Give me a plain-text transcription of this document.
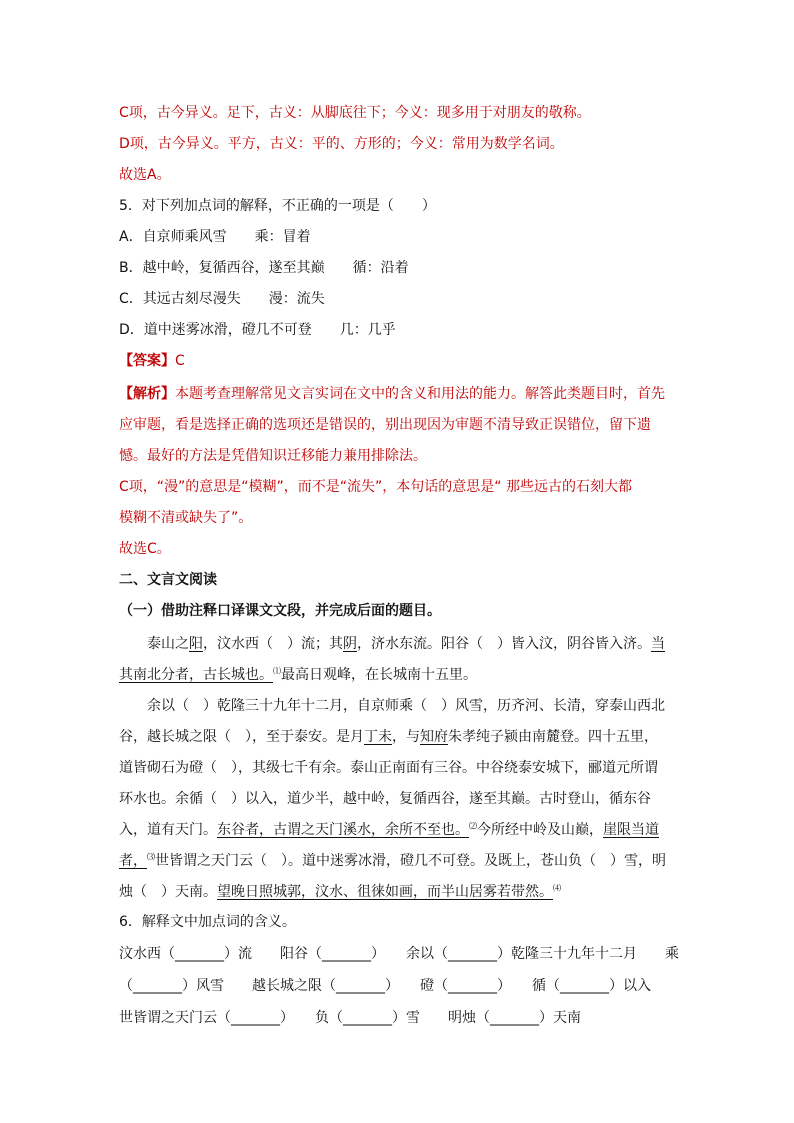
C项，古今异义。足下，古义：从脚底往下；今义：现多用于对朋友的敬称。
D项，古今异义。平方，古义：平的、方形的；今义：常用为数学名词。
故选A。
5．对下列加点词的解释，不正确的一项是（　　）
A．自京师乘风雪　　乘：冒着
B．越中岭，复循西谷，遂至其巅　　循：沿着
C．其远古刻尽漫失　　漫：流失
D．道中迷雾冰滑，磴几不可登　　几：几乎
【答案】C
【解析】本题考查理解常见文言实词在文中的含义和用法的能力。解答此类题目时，首先
应审题，看是选择正确的选项还是错误的，别出现因为审题不清导致正误错位，留下遗
憾。最好的方法是凭借知识迁移能力兼用排除法。
C项，“漫”的意思是“模糊”，而不是“流失”，本句话的意思是“ 那些远古的石刻大都
模糊不清或缺失了”。
故选C。
二、文言文阅读
（一）借助注释口译课文文段，并完成后面的题目。
泰山之阳，汶水西（　）流；其阴，济水东流。阳谷（　）皆入汶，阴谷皆入济。当其南北分者，古长城也。⑴最高日观峰，在长城南十五里。
余以（　）乾隆三十九年十二月，自京师乘（　）风雪，历齐河、长清，穿泰山西北谷，越长城之限（　），至于泰安。是月丁未，与知府朱孝纯子颍由南麓登。四十五里，道皆砌石为磴（　），其级七千有余。泰山正南面有三谷。中谷绕泰安城下，郦道元所谓环水也。余循（　）以入，道少半，越中岭，复循西谷，遂至其巅。古时登山，循东谷入，道有天门。东谷者，古谓之天门溪水，余所不至也。⑵今所经中岭及山巅，崖限当道者，⑶世皆谓之天门云（　）。道中迷雾冰滑，磴几不可登。及既上，苍山负（　）雪，明烛（　）天南。望晚日照城郭，汶水、徂徕如画，而半山居雾若带然。⑷
6．解释文中加点词的含义。
汶水西（_______）流　　阳谷（_______）　　余以（_______）乾隆三十九年十二月　　乘
（_______）风雪　　越长城之限（_______）　　磴（_______）　　循（_______）以入
世皆谓之天门云（_______）　　负（_______）雪　　明烛（_______）天南
